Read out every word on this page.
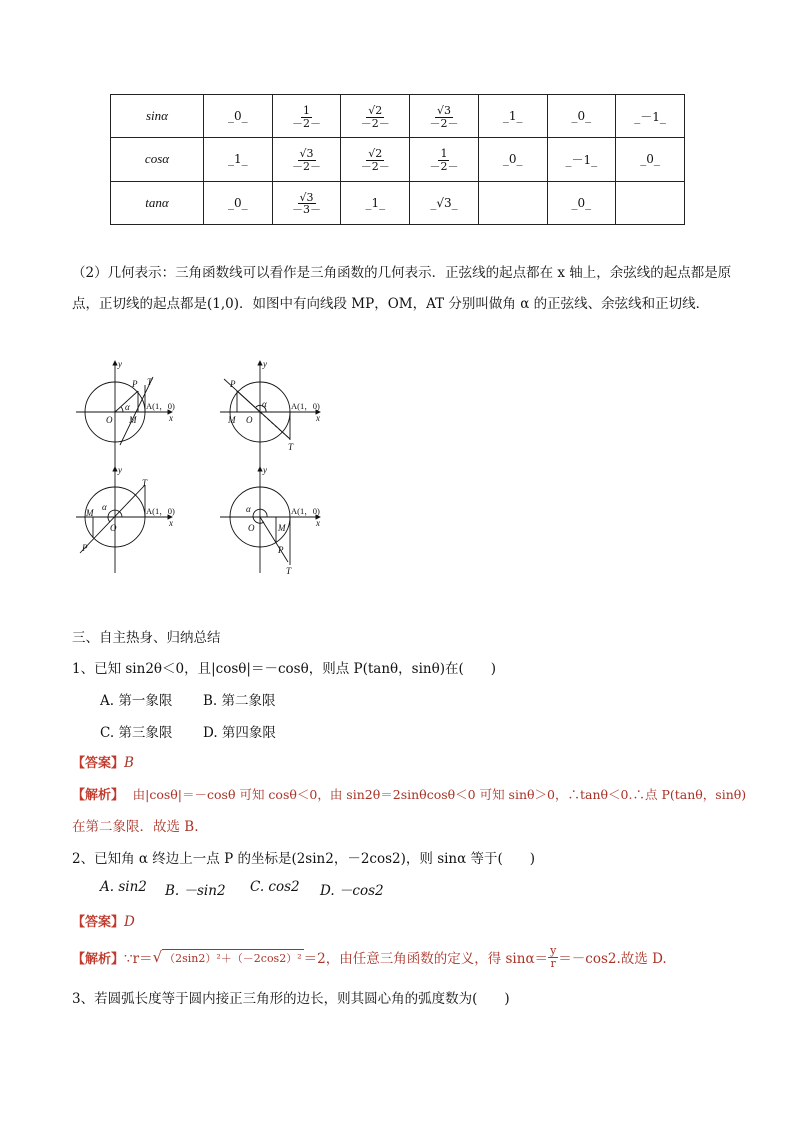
sinα	_0_	$\frac{1}{-2-}$	$\frac{√2}{-2-}$	$\frac{√3}{-2-}$	_1_	_0_	_－1_
cosα	_1_	$\frac{√3}{-2-}$	$\frac{√2}{-2-}$	$\frac{1}{-2-}$	_0_	_－1_	_0_
tanα	_0_	$\frac{√3}{-3-}$	_1_	_√3_		_0_	
（2）几何表示：三角函数线可以看作是三角函数的几何表示．正弦线的起点都在 x 轴上，余弦线的起点都是原点，正切线的起点都是(1,0)．如图中有向线段 MP，OM，AT 分别叫做角 α 的正弦线、余弦线和正切线．
y
x
O M
P T
α A(1，0)
y
x
O
M
P
T
α	A(1，0)
y
x
O
M
P
T
α	A(1，0)
y
x
O	M
P
T
α	A(1，0)
三、自主热身、归纳总结
1、已知 sin2θ＜0，且|cosθ|＝－cosθ，则点 P(tanθ，sinθ)在(　　)
A. 第一象限 B. 第二象限
C. 第三象限 D. 第四象限
【答案】B
【解析】 由|cosθ|＝－cosθ 可知 cosθ＜0，由 sin2θ＝2sinθcosθ＜0 可知 sinθ＞0，∴tanθ＜0.∴点 P(tanθ，sinθ)
在第二象限．故选 B.
2、已知角 α 终边上一点 P 的坐标是(2sin2，－2cos2)，则 sinα 等于(　　)
A. sin2 B. －sin2 C. cos2 D. －cos2
【答案】D
【解析】 ∵r＝ √ （2sin2）²＋（－2cos2）² ＝2，由任意三角函数的定义，得 $\sin\alpha= \frac{y}{r} =-\cos 2$.故选 D.
3、若圆弧长度等于圆内接正三角形的边长，则其圆心角的弧度数为(　　)
